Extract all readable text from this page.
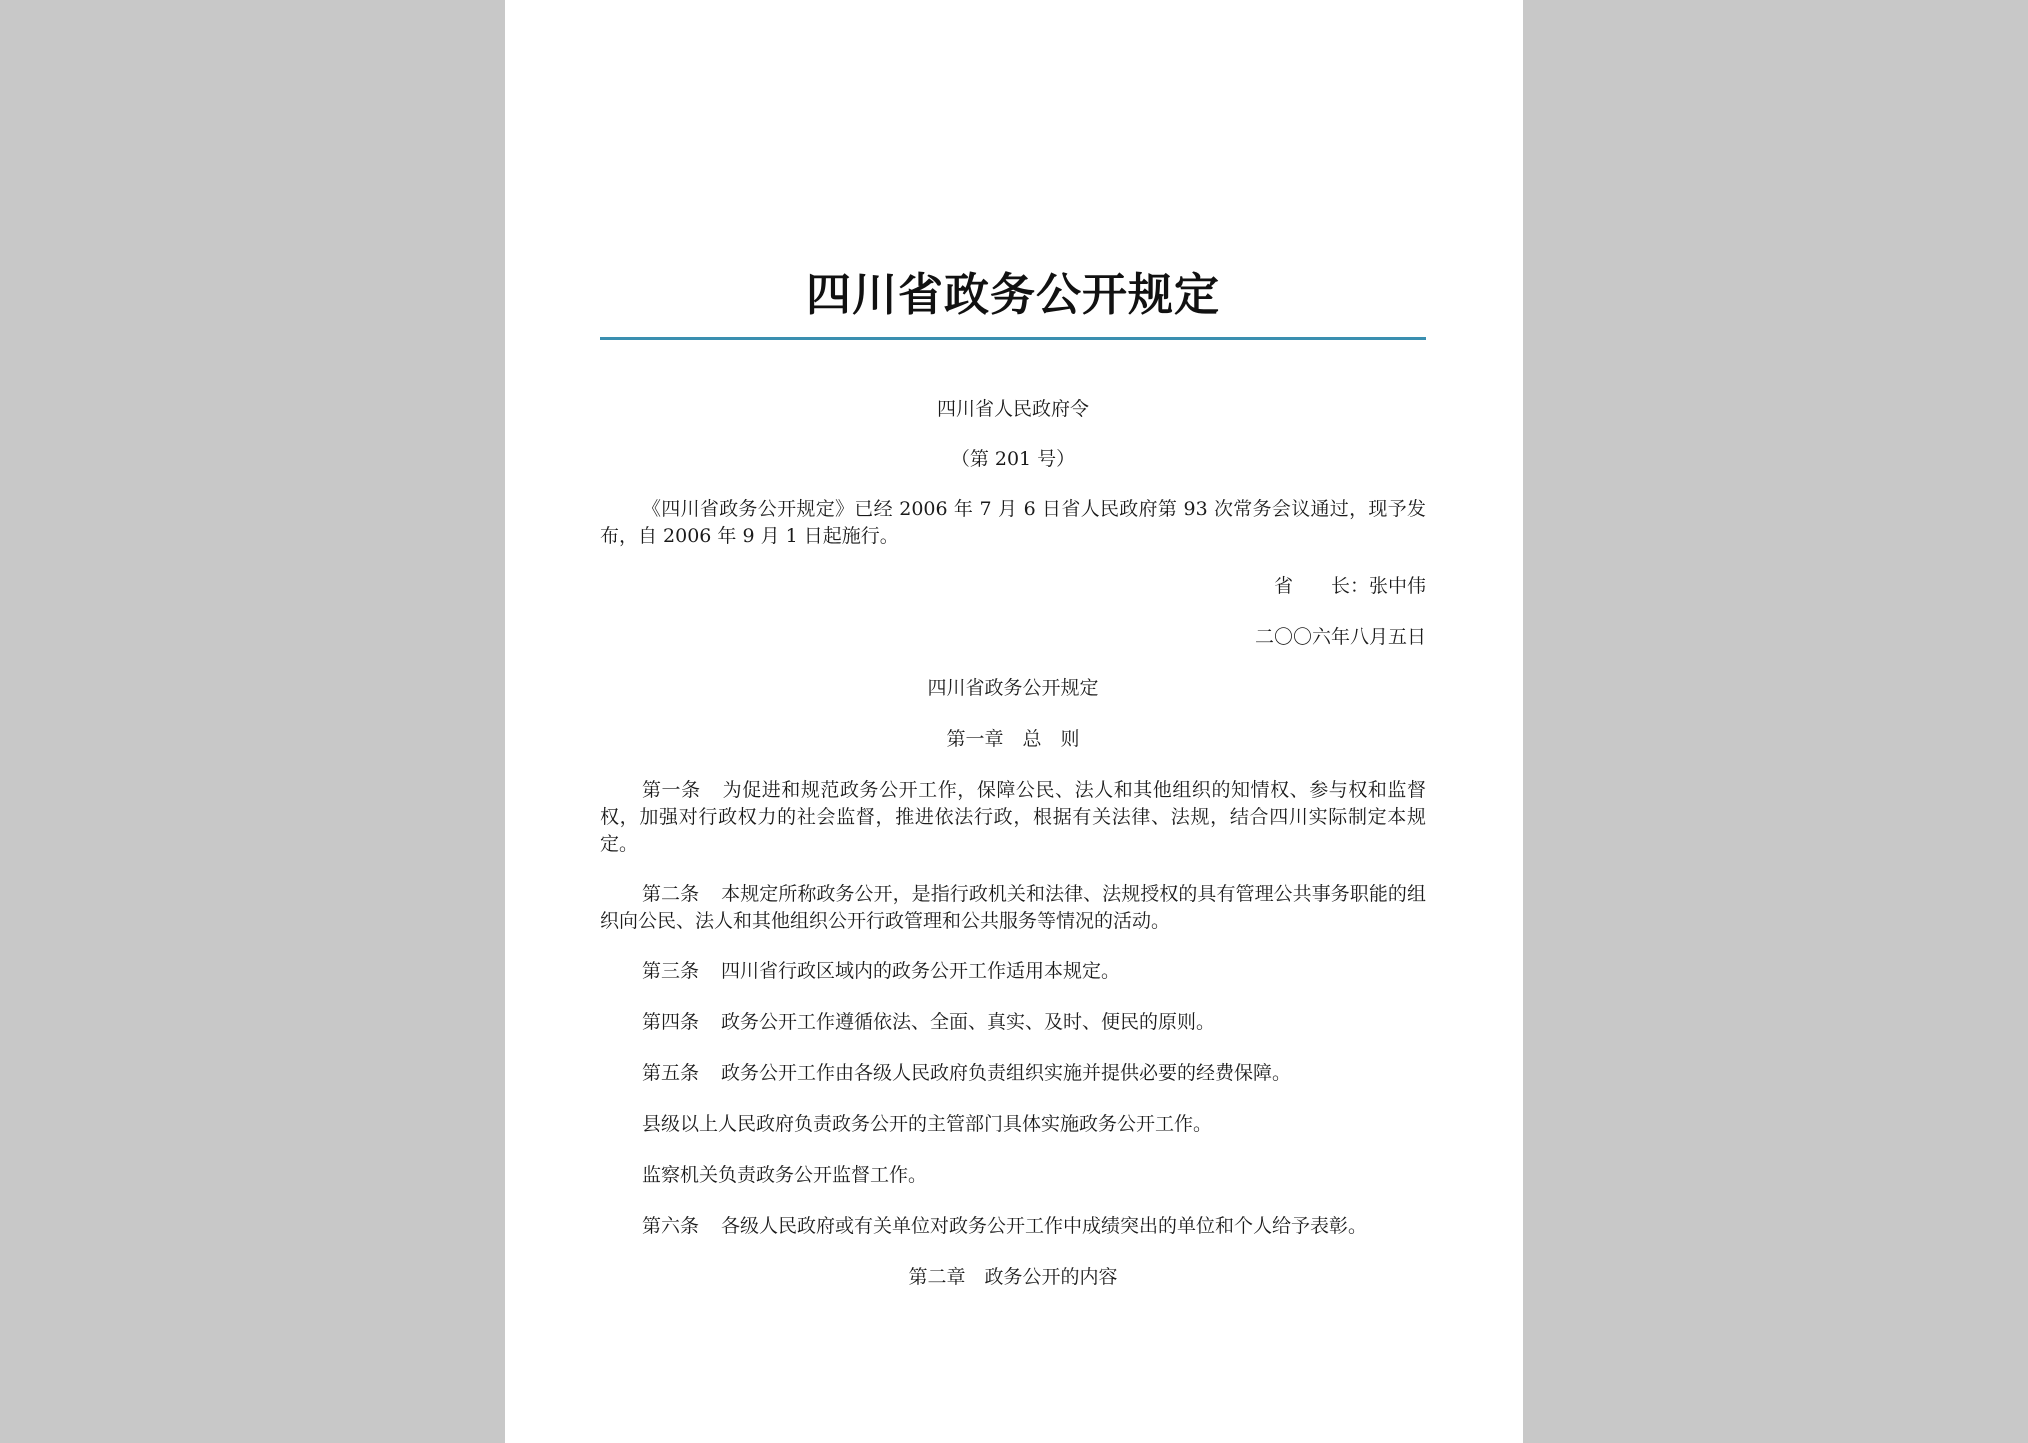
四川省政务公开规定
四川省人民政府令
（第 201 号）
《四川省政务公开规定》已经 2006 年 7 月 6 日省人民政府第 93 次常务会议通过，现予发布，自 2006 年 9 月 1 日起施行。
省　　长：张中伟
二〇〇六年八月五日
四川省政务公开规定
第一章　总　则
第一条 为促进和规范政务公开工作，保障公民、法人和其他组织的知情权、参与权和监督权，加强对行政权力的社会监督，推进依法行政，根据有关法律、法规，结合四川实际制定本规定。
第二条 本规定所称政务公开，是指行政机关和法律、法规授权的具有管理公共事务职能的组织向公民、法人和其他组织公开行政管理和公共服务等情况的活动。
第三条 四川省行政区域内的政务公开工作适用本规定。
第四条 政务公开工作遵循依法、全面、真实、及时、便民的原则。
第五条 政务公开工作由各级人民政府负责组织实施并提供必要的经费保障。
县级以上人民政府负责政务公开的主管部门具体实施政务公开工作。
监察机关负责政务公开监督工作。
第六条 各级人民政府或有关单位对政务公开工作中成绩突出的单位和个人给予表彰。
第二章　政务公开的内容
